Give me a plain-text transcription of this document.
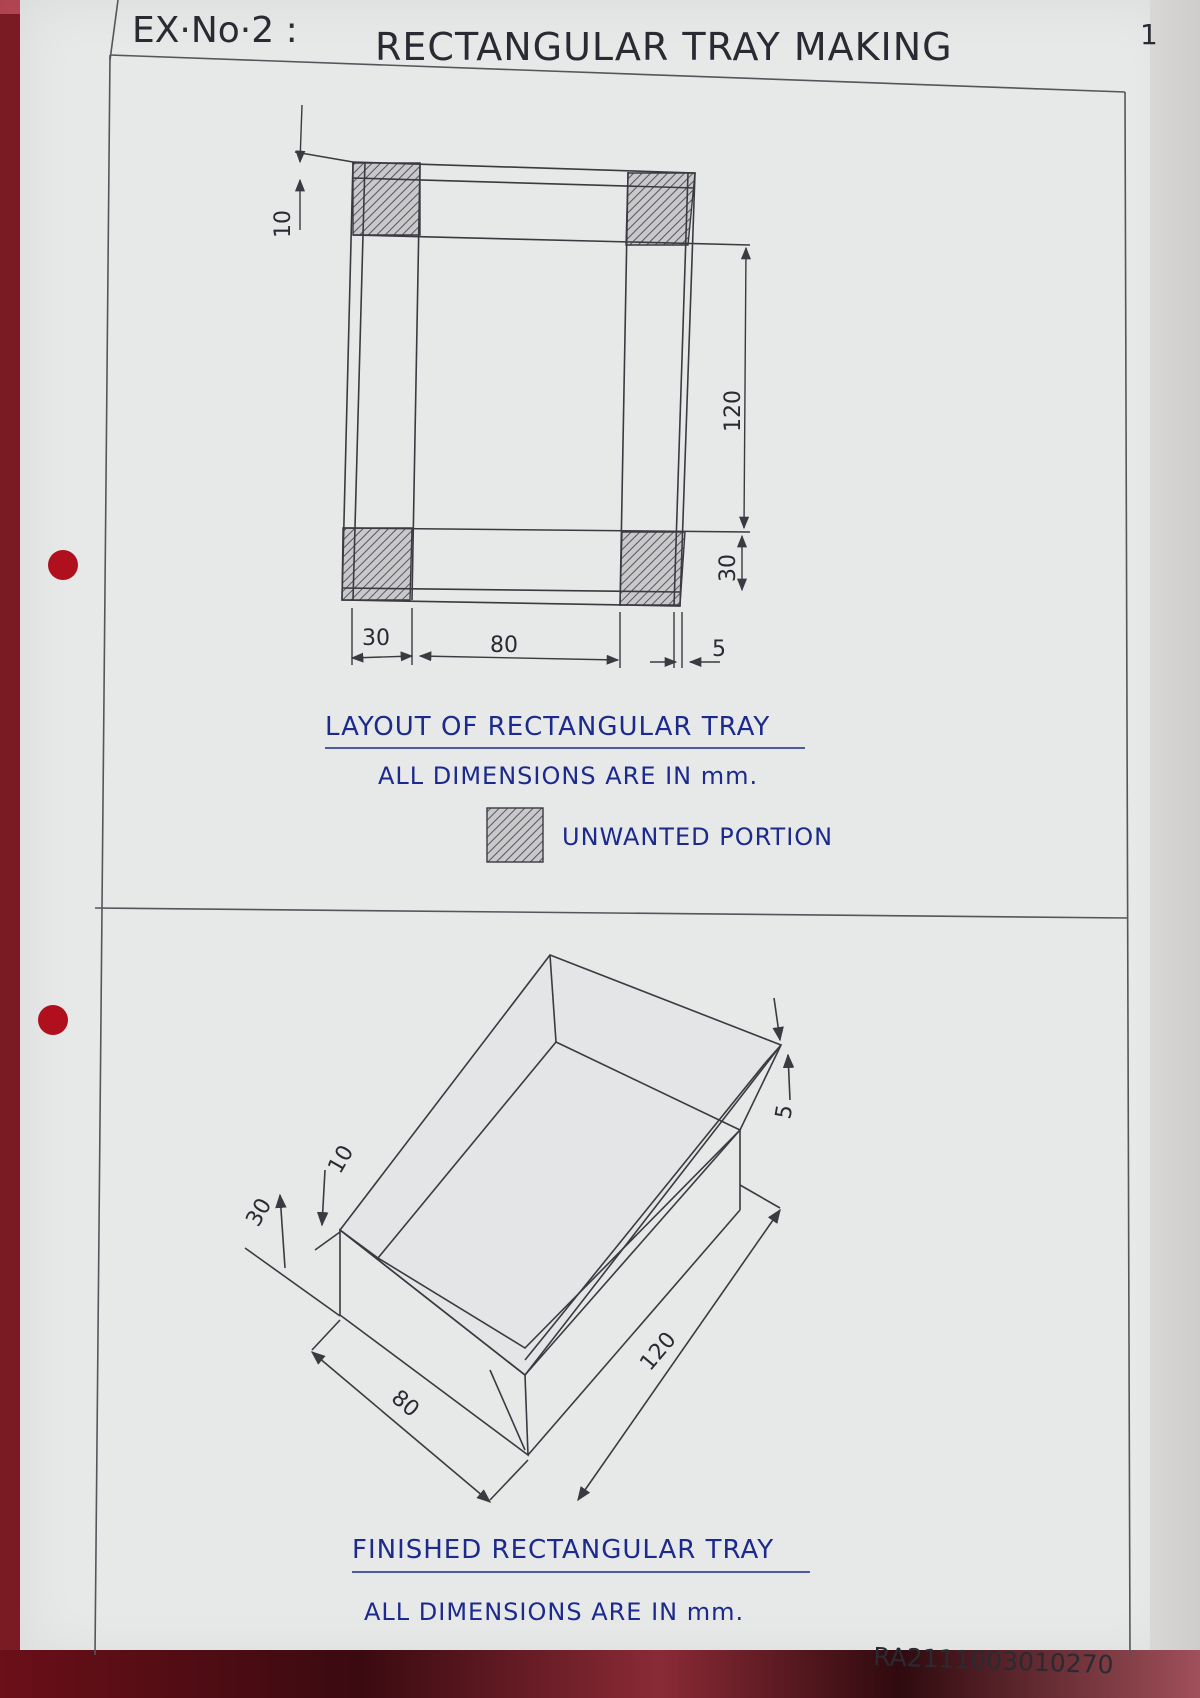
EX·No·2 : RECTANGULAR TRAY MAKING	1
10
120
30
30	80	5
LAYOUT OF RECTANGULAR TRAY
ALL DIMENSIONS ARE IN mm.
UNWANTED PORTION
5
10
30
80
120
FINISHED RECTANGULAR TRAY
ALL DIMENSIONS ARE IN mm.
RA2111003010270
